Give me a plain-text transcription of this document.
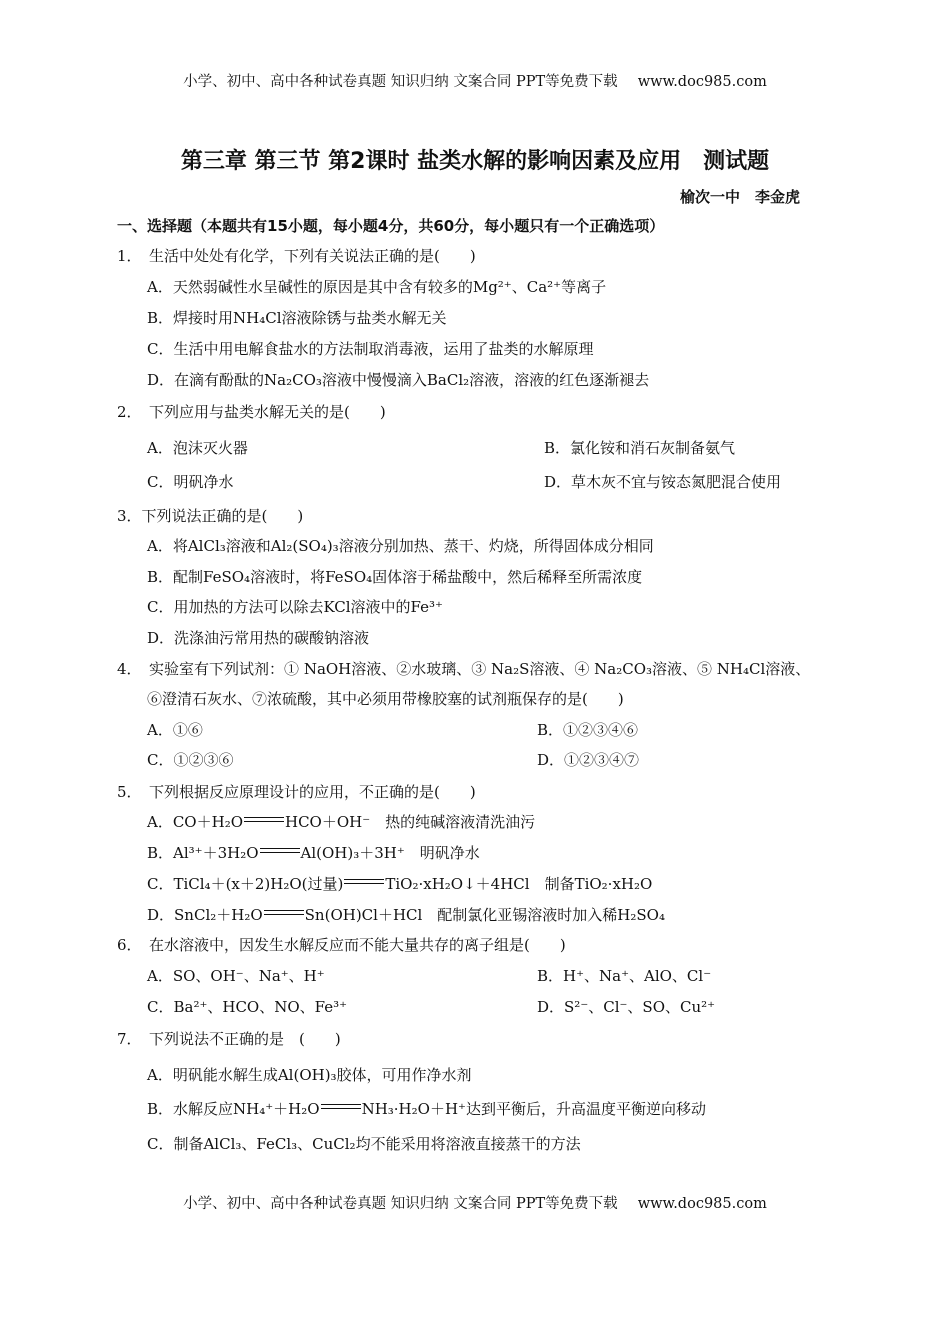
小学、初中、高中各种试卷真题 知识归纳 文案合同 PPT等免费下载 www.doc985.com
第三章 第三节 第2课时 盐类水解的影响因素及应用　测试题
榆次一中　李金虎
一、选择题（本题共有15小题，每小题4分，共60分，每小题只有一个正确选项）
1．　生活中处处有化学，下列有关说法正确的是(　　)
A．天然弱碱性水呈碱性的原因是其中含有较多的Mg²⁺、Ca²⁺等离子
B．焊接时用NH₄Cl溶液除锈与盐类水解无关
C．生活中用电解食盐水的方法制取消毒液，运用了盐类的水解原理
D．在滴有酚酞的Na₂CO₃溶液中慢慢滴入BaCl₂溶液，溶液的红色逐渐褪去
2．　下列应用与盐类水解无关的是(　　)
A．泡沫灭火器	B．氯化铵和消石灰制备氨气
C．明矾净水	D．草木灰不宜与铵态氮肥混合使用
3．下列说法正确的是(　　)
A．将AlCl₃溶液和Al₂(SO₄)₃溶液分别加热、蒸干、灼烧，所得固体成分相同
B．配制FeSO₄溶液时，将FeSO₄固体溶于稀盐酸中，然后稀释至所需浓度
C．用加热的方法可以除去KCl溶液中的Fe³⁺
D．洗涤油污常用热的碳酸钠溶液
4．　实验室有下列试剂：① NaOH溶液、②水玻璃、③ Na₂S溶液、④ Na₂CO₃溶液、⑤ NH₄Cl溶液、
⑥澄清石灰水、⑦浓硫酸，其中必须用带橡胶塞的试剂瓶保存的是(　　)
A．①⑥	B．①②③④⑥
C．①②③⑥	D．①②③④⑦
5．　下列根据反应原理设计的应用，不正确的是(　　)
A．CO＋H₂O	HCO＋OH⁻　热的纯碱溶液清洗油污
B．Al³⁺＋3H₂O	Al(OH)₃＋3H⁺　明矾净水
C．TiCl₄＋(x＋2)H₂O(过量)	TiO₂·xH₂O↓＋4HCl　制备TiO₂·xH₂O
D．SnCl₂＋H₂O	Sn(OH)Cl＋HCl　配制氯化亚锡溶液时加入稀H₂SO₄
6．　在水溶液中，因发生水解反应而不能大量共存的离子组是(　　)
A．SO、OH⁻、Na⁺、H⁺	B．H⁺、Na⁺、AlO、Cl⁻
C．Ba²⁺、HCO、NO、Fe³⁺	D．S²⁻、Cl⁻、SO、Cu²⁺
7．　下列说法不正确的是　(　　)
A．明矾能水解生成Al(OH)₃胶体，可用作净水剂
B．水解反应NH₄⁺＋H₂O	NH₃·H₂O＋H⁺达到平衡后，升高温度平衡逆向移动
C．制备AlCl₃、FeCl₃、CuCl₂均不能采用将溶液直接蒸干的方法
小学、初中、高中各种试卷真题 知识归纳 文案合同 PPT等免费下载 www.doc985.com
